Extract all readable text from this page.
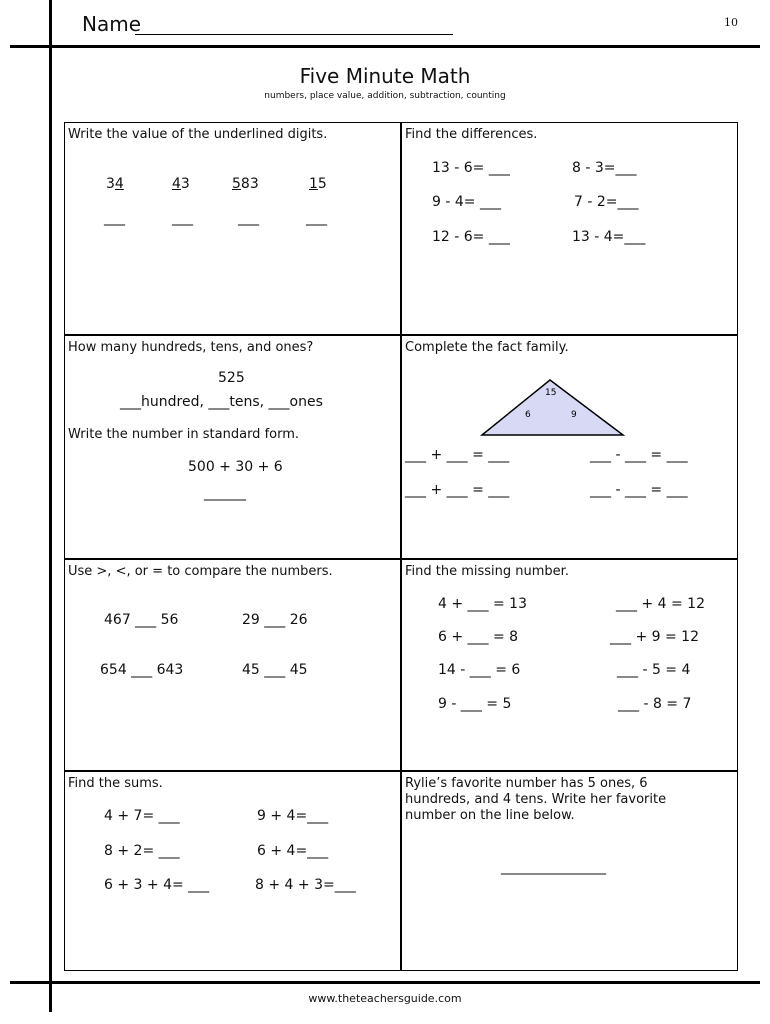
Name	10
Five Minute Math
numbers, place value, addition, subtraction, counting
Write the value of the underlined digits.
34	43	583	15
___	___	___	___
Find the differences.
13 - 6= ___	8 - 3=___
9 - 4= ___	7 - 2=___
12 - 6= ___	13 - 4=___
How many hundreds, tens, and ones?
525
___hundred, ___tens, ___ones
Write the number in standard form.
500 + 30 + 6
______
Complete the fact family.
15
6	9
___ + ___ = ___	___ - ___ = ___
___ + ___ = ___	___ - ___ = ___
Use >, <, or = to compare the numbers.
467 ___ 56	29 ___ 26
654 ___ 643	45 ___ 45
Find the missing number.
4 + ___ = 13	___ + 4 = 12
6 + ___ = 8	___ + 9 = 12
14 - ___ = 6	___ - 5 = 4
9 - ___ = 5	___ - 8 = 7
Find the sums.
4 + 7= ___	9 + 4=___
8 + 2= ___	6 + 4=___
6 + 3 + 4= ___	8 + 4 + 3=___
Rylie’s favorite number has 5 ones, 6
hundreds, and 4 tens. Write her favorite
number on the line below.
_______________
www.theteachersguide.com
